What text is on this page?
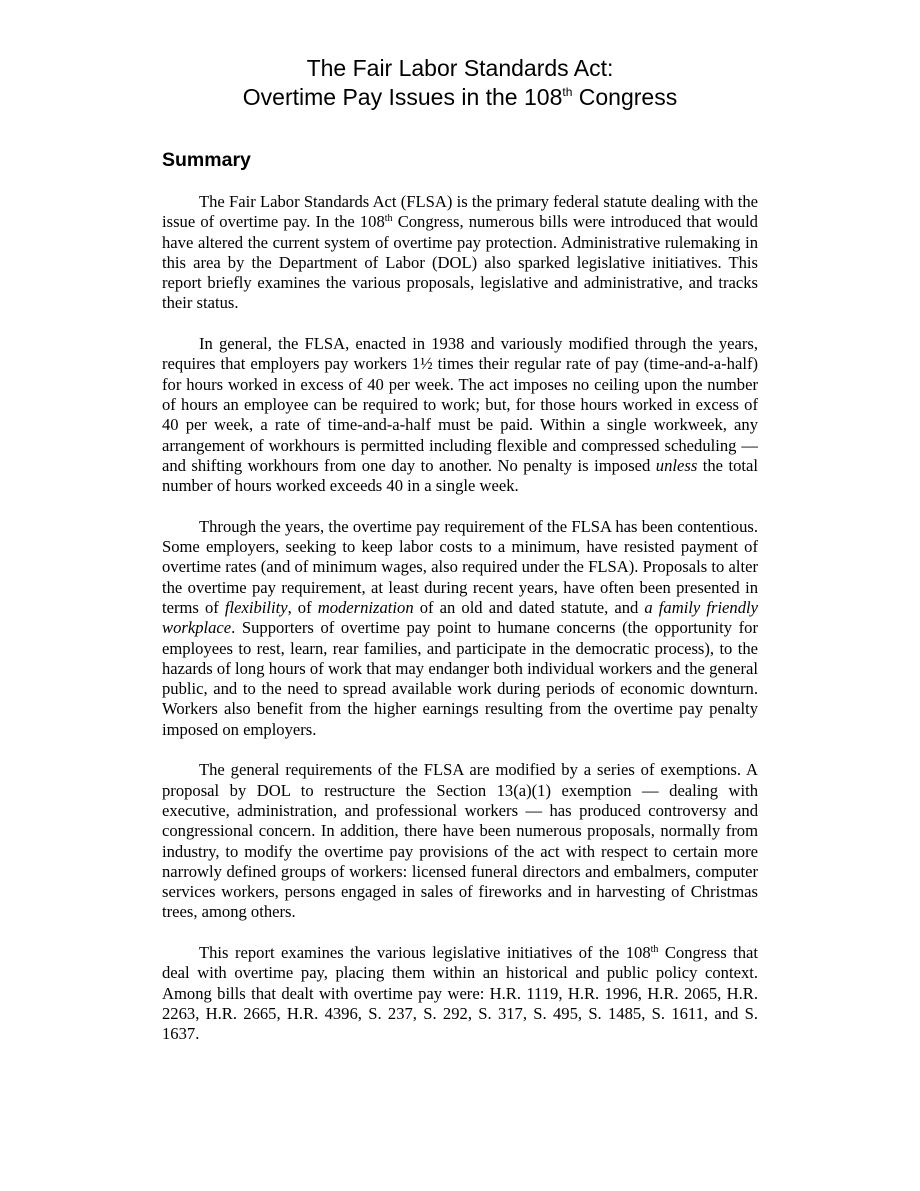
The Fair Labor Standards Act:
Overtime Pay Issues in the 108th Congress
Summary

The Fair Labor Standards Act (FLSA) is the primary federal statute dealing with the issue of overtime pay. In the 108th Congress, numerous bills were introduced that would have altered the current system of overtime pay protection. Administrative rulemaking in this area by the Department of Labor (DOL) also sparked legislative initiatives. This report briefly examines the various proposals, legislative and administrative, and tracks their status.

In general, the FLSA, enacted in 1938 and variously modified through the years, requires that employers pay workers 1½ times their regular rate of pay (time-and-a-half) for hours worked in excess of 40 per week. The act imposes no ceiling upon the number of hours an employee can be required to work; but, for those hours worked in excess of 40 per week, a rate of time-and-a-half must be paid. Within a single workweek, any arrangement of workhours is permitted including flexible and compressed scheduling — and shifting workhours from one day to another. No penalty is imposed unless the total number of hours worked exceeds 40 in a single week.

Through the years, the overtime pay requirement of the FLSA has been contentious. Some employers, seeking to keep labor costs to a minimum, have resisted payment of overtime rates (and of minimum wages, also required under the FLSA). Proposals to alter the overtime pay requirement, at least during recent years, have often been presented in terms of flexibility, of modernization of an old and dated statute, and a family friendly workplace. Supporters of overtime pay point to humane concerns (the opportunity for employees to rest, learn, rear families, and participate in the democratic process), to the hazards of long hours of work that may endanger both individual workers and the general public, and to the need to spread available work during periods of economic downturn. Workers also benefit from the higher earnings resulting from the overtime pay penalty imposed on employers.

The general requirements of the FLSA are modified by a series of exemptions. A proposal by DOL to restructure the Section 13(a)(1) exemption — dealing with executive, administration, and professional workers — has produced controversy and congressional concern. In addition, there have been numerous proposals, normally from industry, to modify the overtime pay provisions of the act with respect to certain more narrowly defined groups of workers: licensed funeral directors and embalmers, computer services workers, persons engaged in sales of fireworks and in harvesting of Christmas trees, among others.

This report examines the various legislative initiatives of the 108th Congress that deal with overtime pay, placing them within an historical and public policy context. Among bills that dealt with overtime pay were: H.R. 1119, H.R. 1996, H.R. 2065, H.R. 2263, H.R. 2665, H.R. 4396, S. 237, S. 292, S. 317, S. 495, S. 1485, S. 1611, and S. 1637.
